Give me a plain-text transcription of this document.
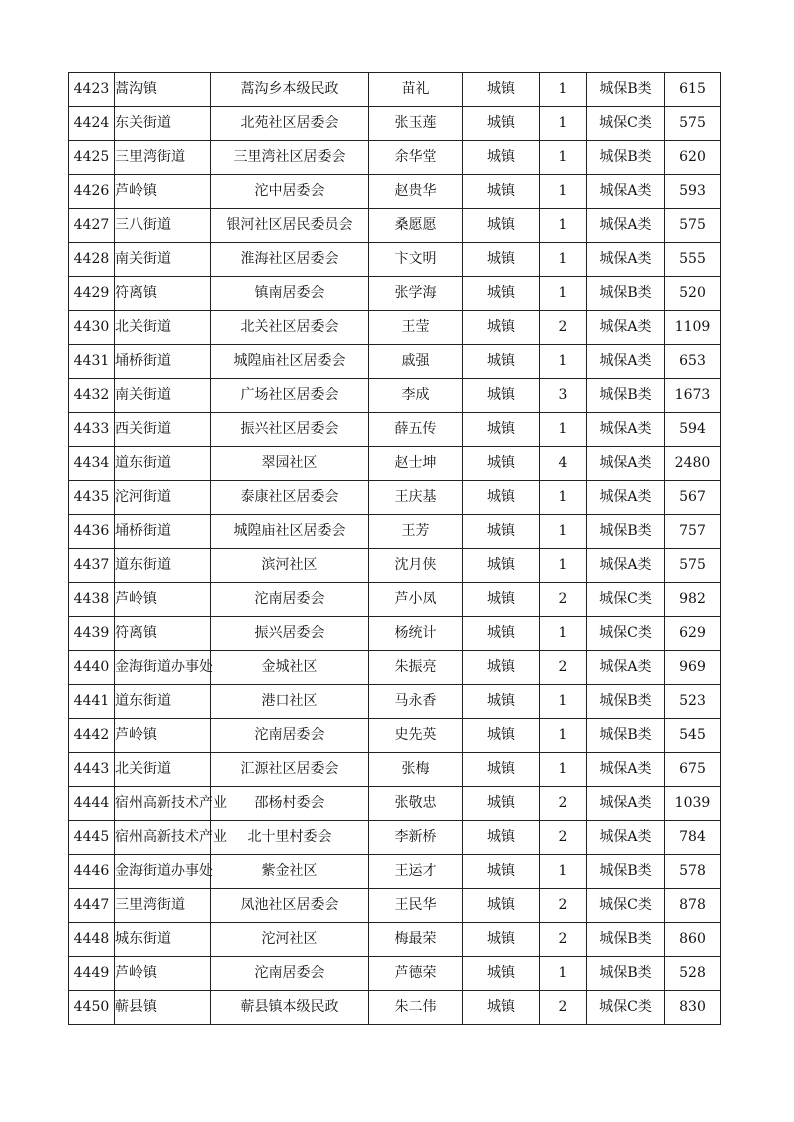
4423	蒿沟镇	蒿沟乡本级民政	苗礼	城镇	1	城保B类	615
4424	东关街道	北苑社区居委会	张玉莲	城镇	1	城保C类	575
4425	三里湾街道	三里湾社区居委会	余华堂	城镇	1	城保B类	620
4426	芦岭镇	沱中居委会	赵贵华	城镇	1	城保A类	593
4427	三八街道	银河社区居民委员会	桑愿愿	城镇	1	城保A类	575
4428	南关街道	淮海社区居委会	卞文明	城镇	1	城保A类	555
4429	符离镇	镇南居委会	张学海	城镇	1	城保B类	520
4430	北关街道	北关社区居委会	王莹	城镇	2	城保A类	1109
4431	埇桥街道	城隍庙社区居委会	戚强	城镇	1	城保A类	653
4432	南关街道	广场社区居委会	李成	城镇	3	城保B类	1673
4433	西关街道	振兴社区居委会	薛五传	城镇	1	城保A类	594
4434	道东街道	翠园社区	赵士坤	城镇	4	城保A类	2480
4435	沱河街道	泰康社区居委会	王庆基	城镇	1	城保A类	567
4436	埇桥街道	城隍庙社区居委会	王芳	城镇	1	城保B类	757
4437	道东街道	滨河社区	沈月侠	城镇	1	城保A类	575
4438	芦岭镇	沱南居委会	芦小凤	城镇	2	城保C类	982
4439	符离镇	振兴居委会	杨统计	城镇	1	城保C类	629
4440	金海街道办事处	金城社区	朱振亮	城镇	2	城保A类	969
4441	道东街道	港口社区	马永香	城镇	1	城保B类	523
4442	芦岭镇	沱南居委会	史先英	城镇	1	城保B类	545
4443	北关街道	汇源社区居委会	张梅	城镇	1	城保A类	675
4444	宿州高新技术产业	邵杨村委会	张敬忠	城镇	2	城保A类	1039
4445	宿州高新技术产业	北十里村委会	李新桥	城镇	2	城保A类	784
4446	金海街道办事处	紫金社区	王运才	城镇	1	城保B类	578
4447	三里湾街道	凤池社区居委会	王民华	城镇	2	城保C类	878
4448	城东街道	沱河社区	梅最荣	城镇	2	城保B类	860
4449	芦岭镇	沱南居委会	芦德荣	城镇	1	城保B类	528
4450	蕲县镇	蕲县镇本级民政	朱二伟	城镇	2	城保C类	830
